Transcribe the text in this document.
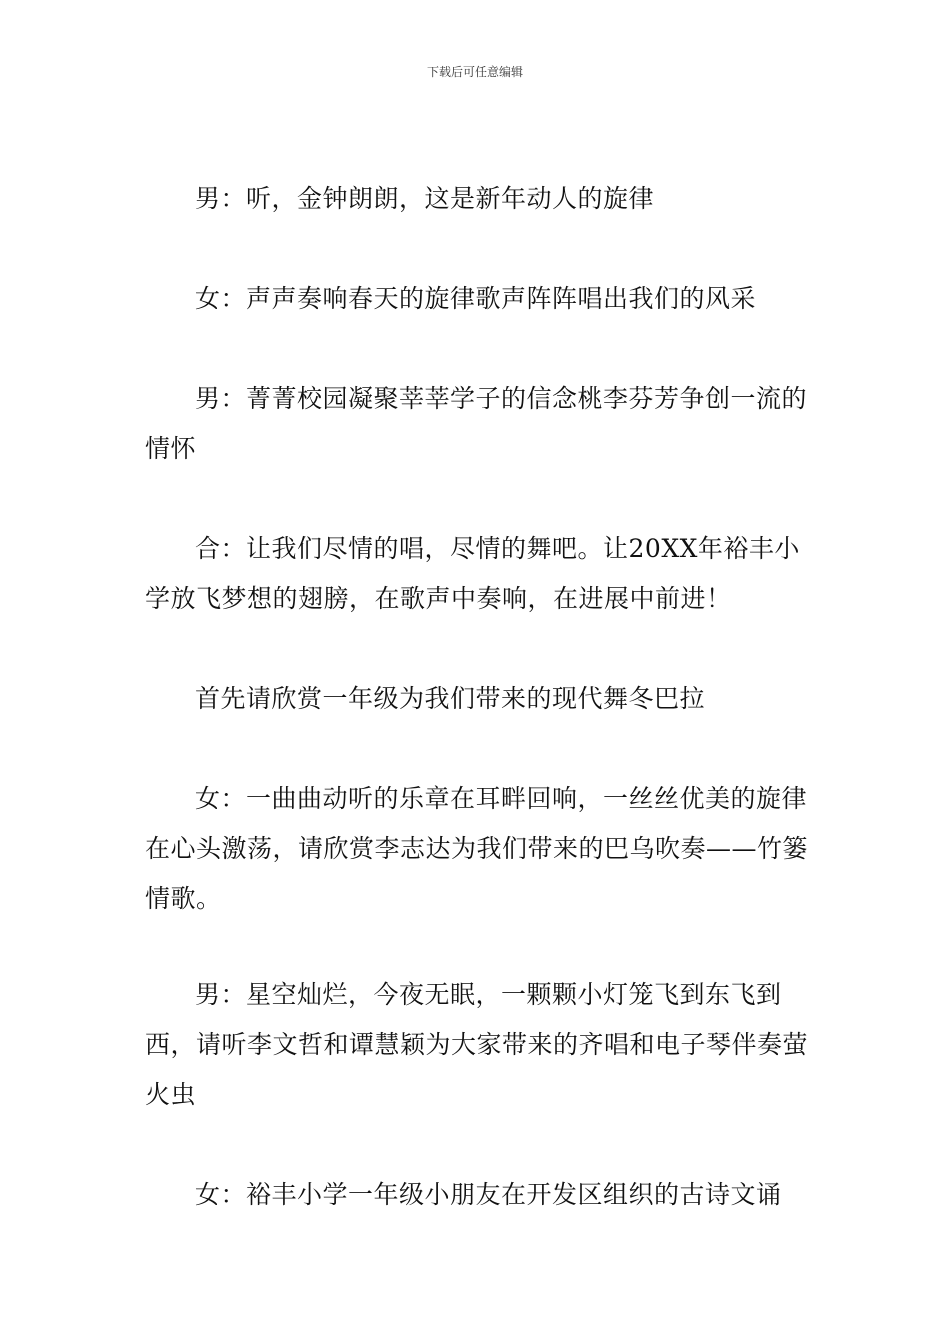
下载后可任意编辑

男：听，金钟朗朗，这是新年动人的旋律

女：声声奏响春天的旋律歌声阵阵唱出我们的风采

男：菁菁校园凝聚莘莘学子的信念桃李芬芳争创一流的情怀

合：让我们尽情的唱，尽情的舞吧。让20XX年裕丰小学放飞梦想的翅膀，在歌声中奏响，在进展中前进！

首先请欣赏一年级为我们带来的现代舞冬巴拉

女：一曲曲动听的乐章在耳畔回响，一丝丝优美的旋律在心头激荡，请欣赏李志达为我们带来的巴乌吹奏——竹篓情歌。

男：星空灿烂，今夜无眠，一颗颗小灯笼飞到东飞到西，请听李文哲和谭慧颖为大家带来的齐唱和电子琴伴奏萤火虫

女：裕丰小学一年级小朋友在开发区组织的古诗文诵
